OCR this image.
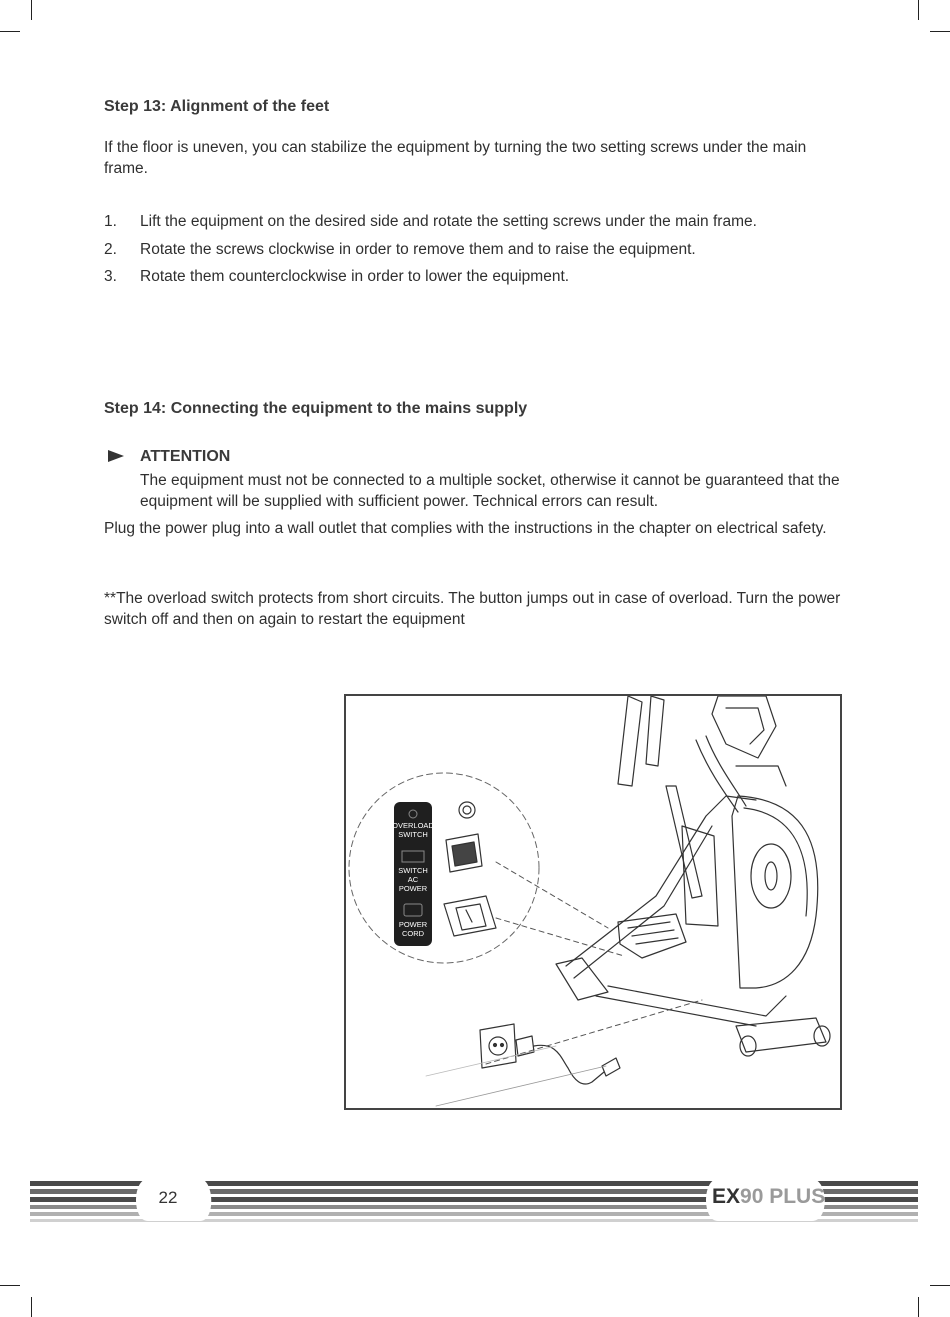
Step 13: Alignment of the feet

If the floor is uneven, you can stabilize the equipment by turning the two setting screws under the main frame.

1. Lift the equipment on the desired side and rotate the setting screws under the main frame.
2. Rotate the screws clockwise in order to remove them and to raise the equipment.
3. Rotate them counterclockwise in order to lower the equipment.
Step 14: Connecting the equipment to the mains supply

ATTENTION

The equipment must not be connected to a multiple socket, otherwise it cannot be guaranteed that the equipment will be supplied with sufficient power. Technical errors can result.

Plug the power plug into a wall outlet that complies with the instructions in the chapter on electrical safety.

**The overload switch protects from short circuits. The button jumps out in case of overload. Turn the power switch off and then on again to restart the equipment

OVERLOAD
SWITCH
SWITCH
AC
POWER
POWER
CORD

22	EX90 PLUS
